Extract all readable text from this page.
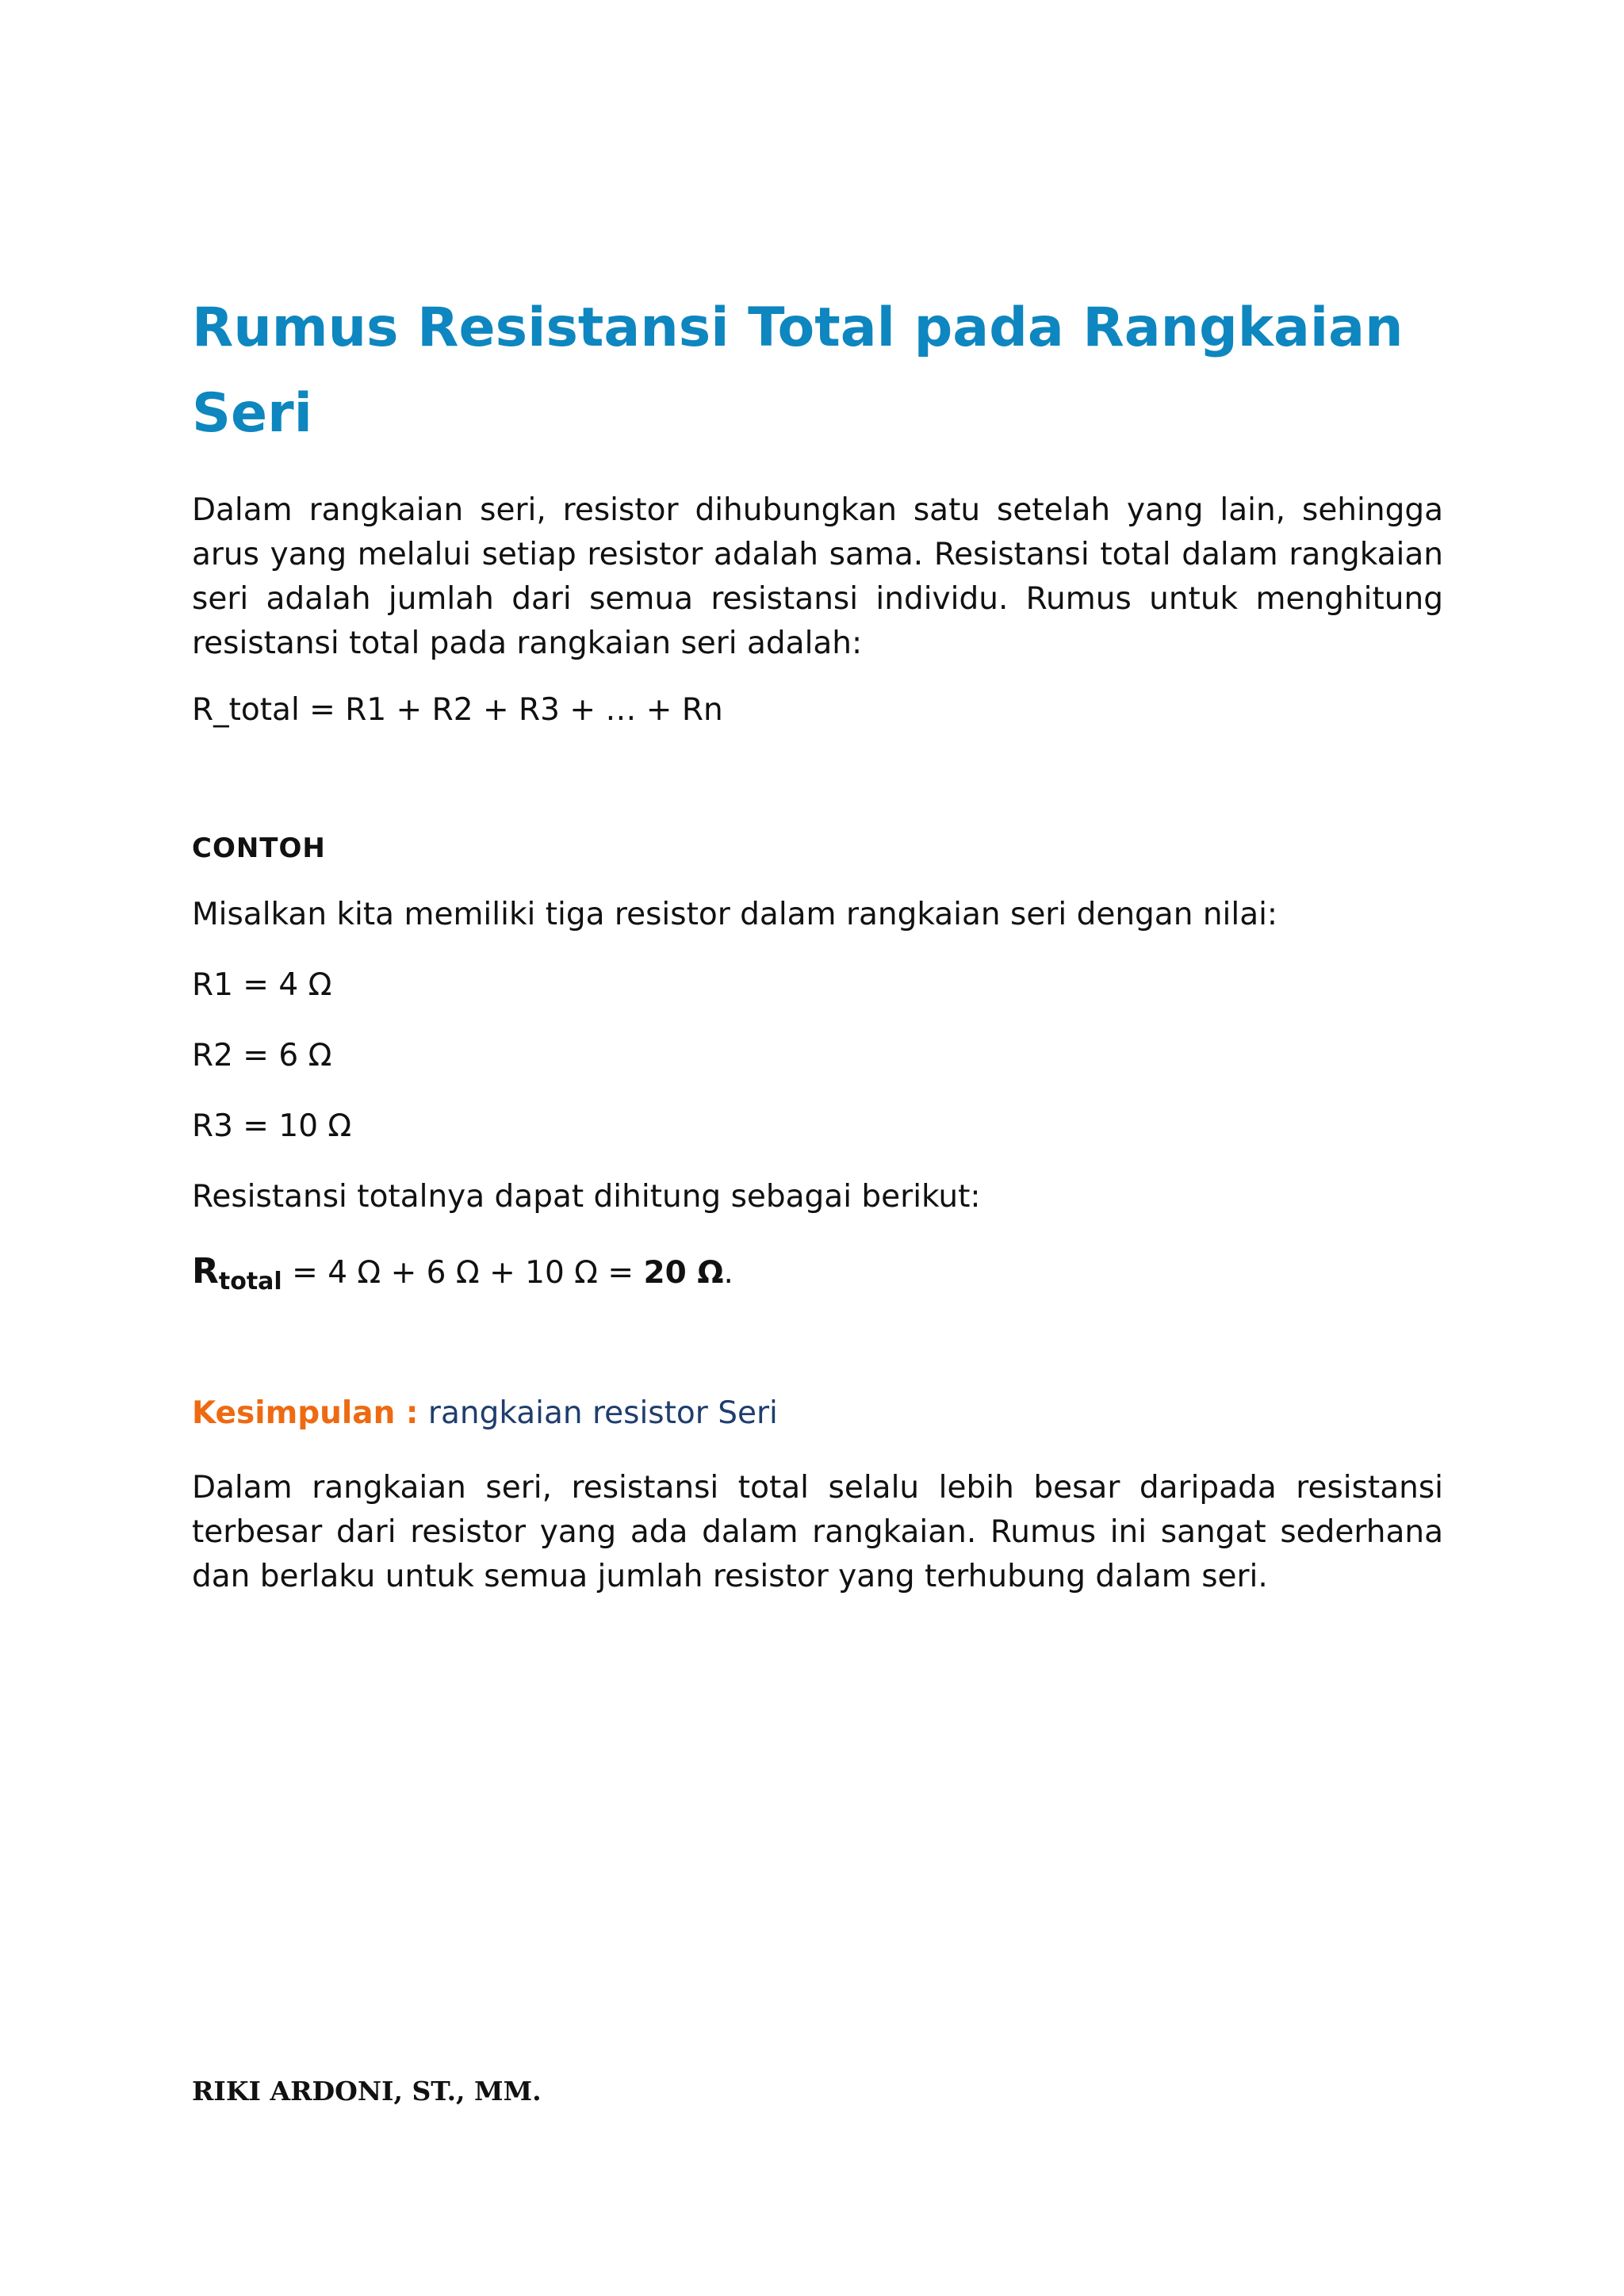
Rumus Resistansi Total pada Rangkaian
Seri

Dalam rangkaian seri, resistor dihubungkan satu setelah yang lain, sehingga arus yang melalui setiap resistor adalah sama. Resistansi total dalam rangkaian seri adalah jumlah dari semua resistansi individu. Rumus untuk menghitung resistansi total pada rangkaian seri adalah:

R_total = R1 + R2 + R3 + … + Rn
CONTOH
Misalkan kita memiliki tiga resistor dalam rangkaian seri dengan nilai:
R1 = 4 Ω
R2 = 6 Ω
R3 = 10 Ω
Resistansi totalnya dapat dihitung sebagai berikut:
$R_{total} = 4$ Ω + 6 Ω + 10 Ω = 20 Ω.
Kesimpulan : rangkaian resistor Seri

Dalam rangkaian seri, resistansi total selalu lebih besar daripada resistansi terbesar dari resistor yang ada dalam rangkaian. Rumus ini sangat sederhana dan berlaku untuk semua jumlah resistor yang terhubung dalam seri.

RIKI ARDONI, ST., MM.
